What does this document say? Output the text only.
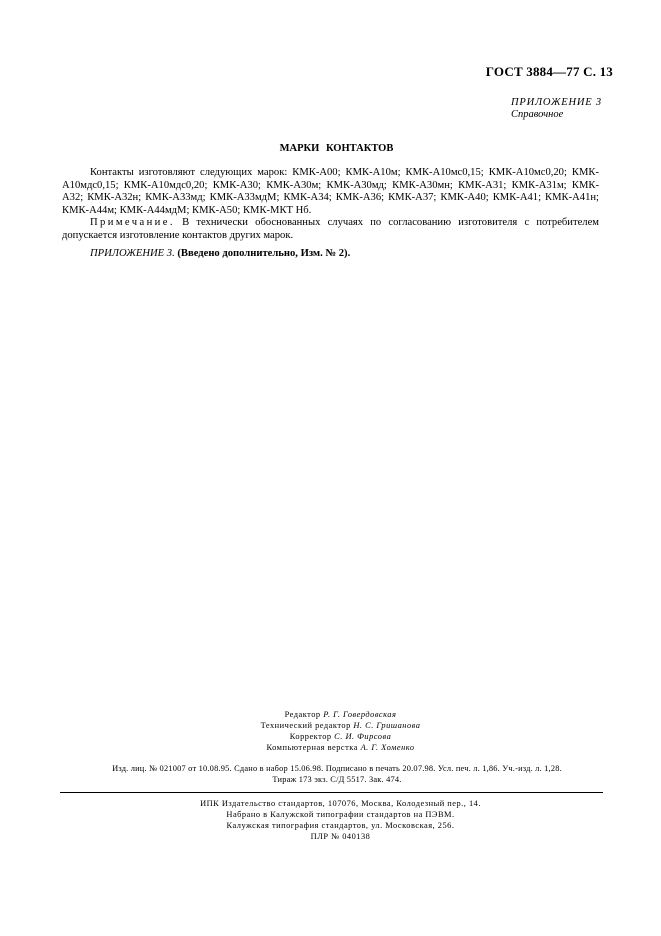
ГОСТ 3884—77 С. 13
ПРИЛОЖЕНИЕ 3
Справочное
МАРКИ КОНТАКТОВ

Контакты изготовляют следующих марок: КМК-А00; КМК-А10м; КМК-А10мс0,15; КМК-А10мс0,20; КМК-А10мдс0,15; КМК-А10мдс0,20; КМК-А30; КМК-А30м; КМК-А30мд; КМК-А30мн; КМК-А31; КМК-А31м; КМК-А32; КМК-А32н; КМК-А33мд; КМК-А33мдМ; КМК-А34; КМК-А36; КМК-А37; КМК-А40; КМК-А41; КМК-А41н; КМК-А44м; КМК-А44мдМ; КМК-А50; КМК-МКТ Нб.

Примечание. В технически обоснованных случаях по согласованию изготовителя с потребителем допускается изготовление контактов других марок.

ПРИЛОЖЕНИЕ 3. (Введено дополнительно, Изм. № 2).

Редактор Р. Г. Говердовская
Технический редактор Н. С. Гришанова
Корректор С. И. Фирсова
Компьютерная верстка А. Г. Хоменко
Изд. лиц. № 021007 от 10.08.95. Сдано в набор 15.06.98. Подписано в печать 20.07.98. Усл. печ. л. 1,86. Уч.-изд. л. 1,28.
Тираж 173 экз. С/Д 5517. Зак. 474.
ИПК Издательство стандартов, 107076, Москва, Колодезный пер., 14.
Набрано в Калужской типографии стандартов на ПЭВМ.
Калужская типография стандартов, ул. Московская, 256.
ПЛР № 040138
